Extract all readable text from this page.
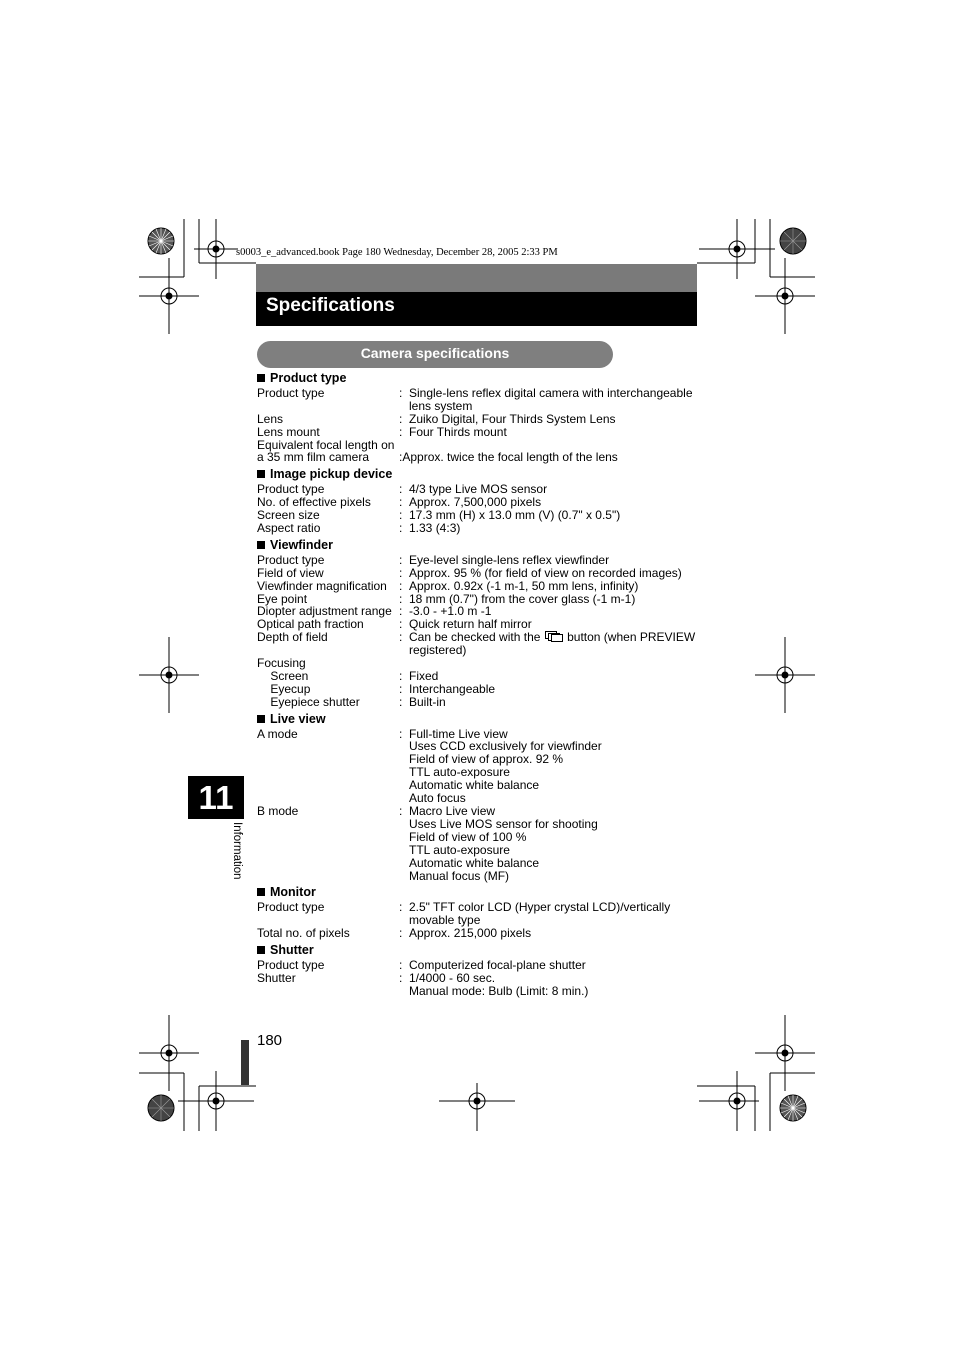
s0003_e_advanced.book Page 180 Wednesday, December 28, 2005 2:33 PM
Specifications
Camera specifications
Product type
Product type	: Single-lens reflex digital camera with interchangeable
lens system
Lens	: Zuiko Digital, Four Thirds System Lens
Lens mount	: Four Thirds mount
Equivalent focal length on
a 35 mm film camera	:Approx. twice the focal length of the lens
Image pickup device
Product type	: 4/3 type Live MOS sensor
No. of effective pixels	: Approx. 7,500,000 pixels
Screen size	: 17.3 mm (H) x 13.0 mm (V) (0.7" x 0.5")
Aspect ratio	: 1.33 (4:3)
Viewfinder
Product type	: Eye-level single-lens reflex viewfinder
Field of view	: Approx. 95 % (for field of view on recorded images)
Viewfinder magnification	: Approx. 0.92x (-1 m-1, 50 mm lens, infinity)
Eye point	: 18 mm (0.7") from the cover glass (-1 m-1)
Diopter adjustment range : -3.0 - +1.0 m -1
Optical path fraction	: Quick return half mirror
Depth of field	: Can be checked with the button (when PREVIEW
registered)
Focusing
Screen	: Fixed
Eyecup	: Interchangeable
Eyepiece shutter	: Built-in
Live view
A mode	: Full-time Live view
Uses CCD exclusively for viewfinder
Field of view of approx. 92 %
TTL auto-exposure
Automatic white balance
Auto focus
B mode	: Macro Live view
Uses Live MOS sensor for shooting
Field of view of 100 %
TTL auto-exposure
Automatic white balance
Manual focus (MF)
Monitor
Product type	: 2.5" TFT color LCD (Hyper crystal LCD)/vertically
movable type
Total no. of pixels	: Approx. 215,000 pixels
Shutter
Product type	: Computerized focal-plane shutter
Shutter	: 1/4000 - 60 sec.
Manual mode: Bulb (Limit: 8 min.)
11
Information
180
